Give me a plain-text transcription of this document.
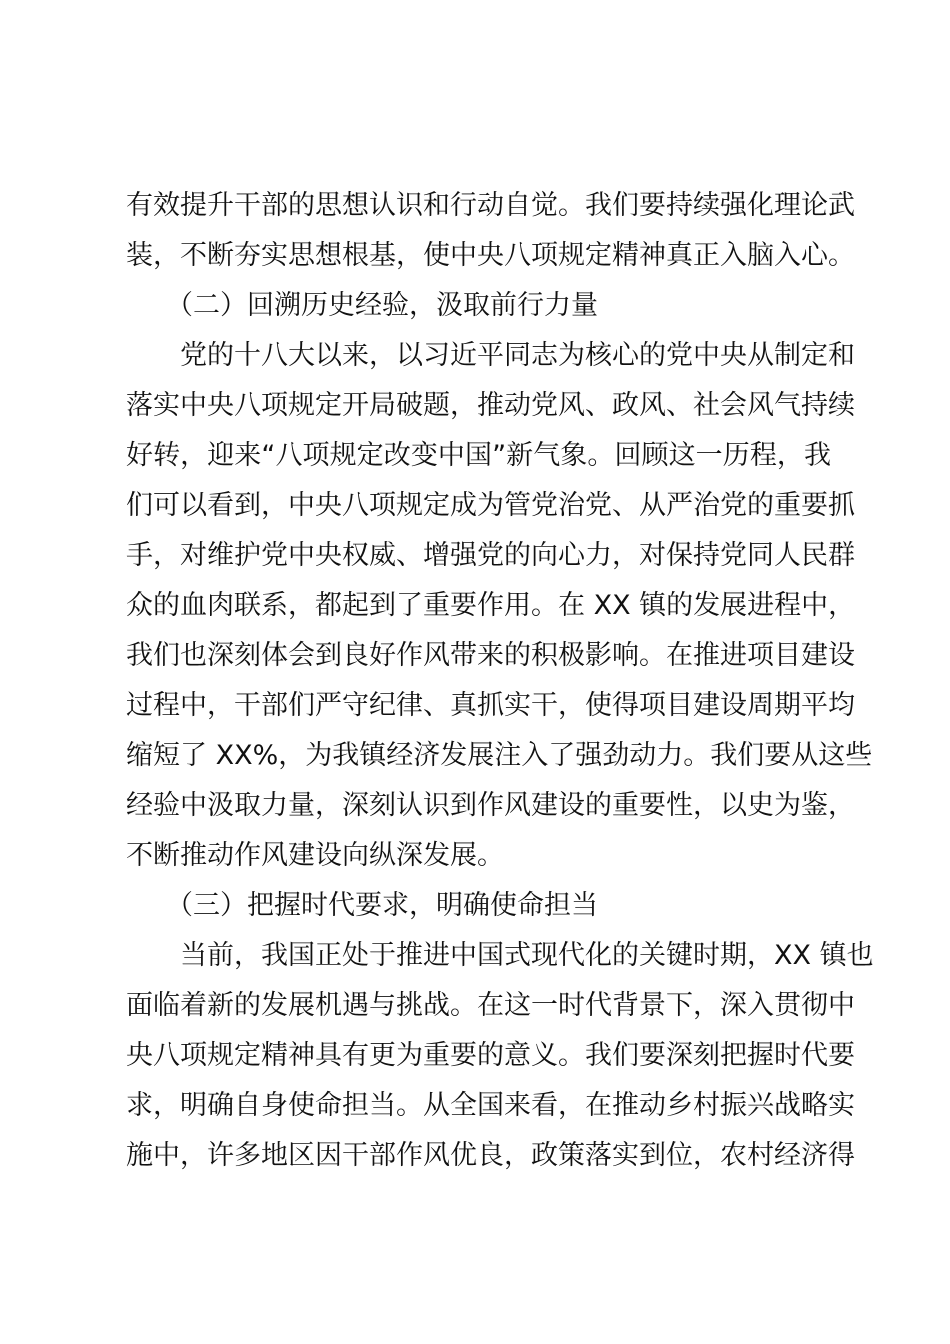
有效提升干部的思想认识和行动自觉。我们要持续强化理论武
装，不断夯实思想根基，使中央八项规定精神真正入脑入心。
（二）回溯历史经验，汲取前行力量
党的十八大以来，以习近平同志为核心的党中央从制定和
落实中央八项规定开局破题，推动党风、政风、社会风气持续
好转，迎来“八项规定改变中国”新气象。回顾这一历程，我
们可以看到，中央八项规定成为管党治党、从严治党的重要抓
手，对维护党中央权威、增强党的向心力，对保持党同人民群
众的血肉联系，都起到了重要作用。在 XX 镇的发展进程中，
我们也深刻体会到良好作风带来的积极影响。在推进项目建设
过程中，干部们严守纪律、真抓实干，使得项目建设周期平均
缩短了 XX%，为我镇经济发展注入了强劲动力。我们要从这些
经验中汲取力量，深刻认识到作风建设的重要性，以史为鉴，
不断推动作风建设向纵深发展。
（三）把握时代要求，明确使命担当
当前，我国正处于推进中国式现代化的关键时期，XX 镇也
面临着新的发展机遇与挑战。在这一时代背景下，深入贯彻中
央八项规定精神具有更为重要的意义。我们要深刻把握时代要
求，明确自身使命担当。从全国来看，在推动乡村振兴战略实
施中，许多地区因干部作风优良，政策落实到位，农村经济得
